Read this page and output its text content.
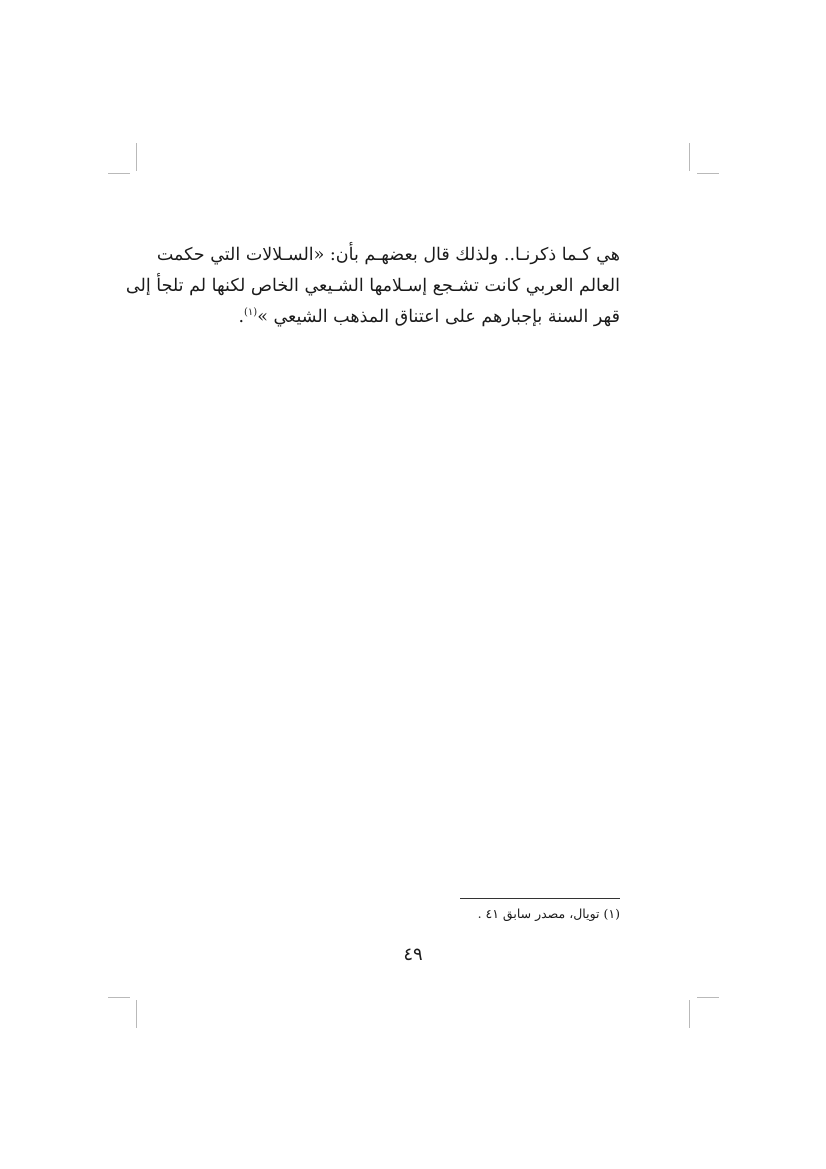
هي كـما ذكرنـا.. ولذلك قال بعضهـم بأن: «السـلالات التي حكمت
العالم العربي كانت تشـجع إسـلامها الشـيعي الخاص لكنها لم تلجأ إلى
قهر السنة بإجبارهم على اعتناق المذهب الشيعي »$^{(١)}$.

(١) تويال، مصدر سابق ٤١ .

٤٩
